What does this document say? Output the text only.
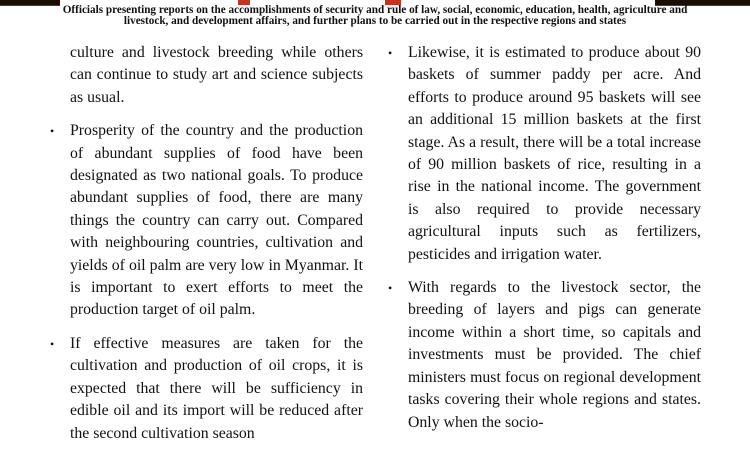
Officials presenting reports on the accomplishments of security and rule of law, social, economic, education, health, agriculture and livestock, and development affairs, and further plans to be carried out in the respective regions and states
culture and livestock breeding while others can continue to study art and science subjects as usual.
• Prosperity of the country and the production of abundant supplies of food have been designated as two national goals. To produce abundant supplies of food, there are many things the country can carry out. Compared with neighbouring countries, cultivation and yields of oil palm are very low in Myanmar. It is important to exert efforts to meet the production target of oil palm.
• If effective measures are taken for the cultivation and production of oil crops, it is expected that there will be sufficiency in edible oil and its import will be reduced after the second cultivation season
• Likewise, it is estimated to produce about 90 baskets of summer paddy per acre. And efforts to produce around 95 baskets will see an additional 15 million baskets at the first stage. As a result, there will be a total increase of 90 million baskets of rice, resulting in a rise in the national income. The government is also required to provide necessary agricultural inputs such as fertilizers, pesticides and irrigation water.
• With regards to the livestock sector, the breeding of layers and pigs can generate income within a short time, so capitals and investments must be provided. The chief ministers must focus on regional development tasks covering their whole regions and states. Only when the socio-
